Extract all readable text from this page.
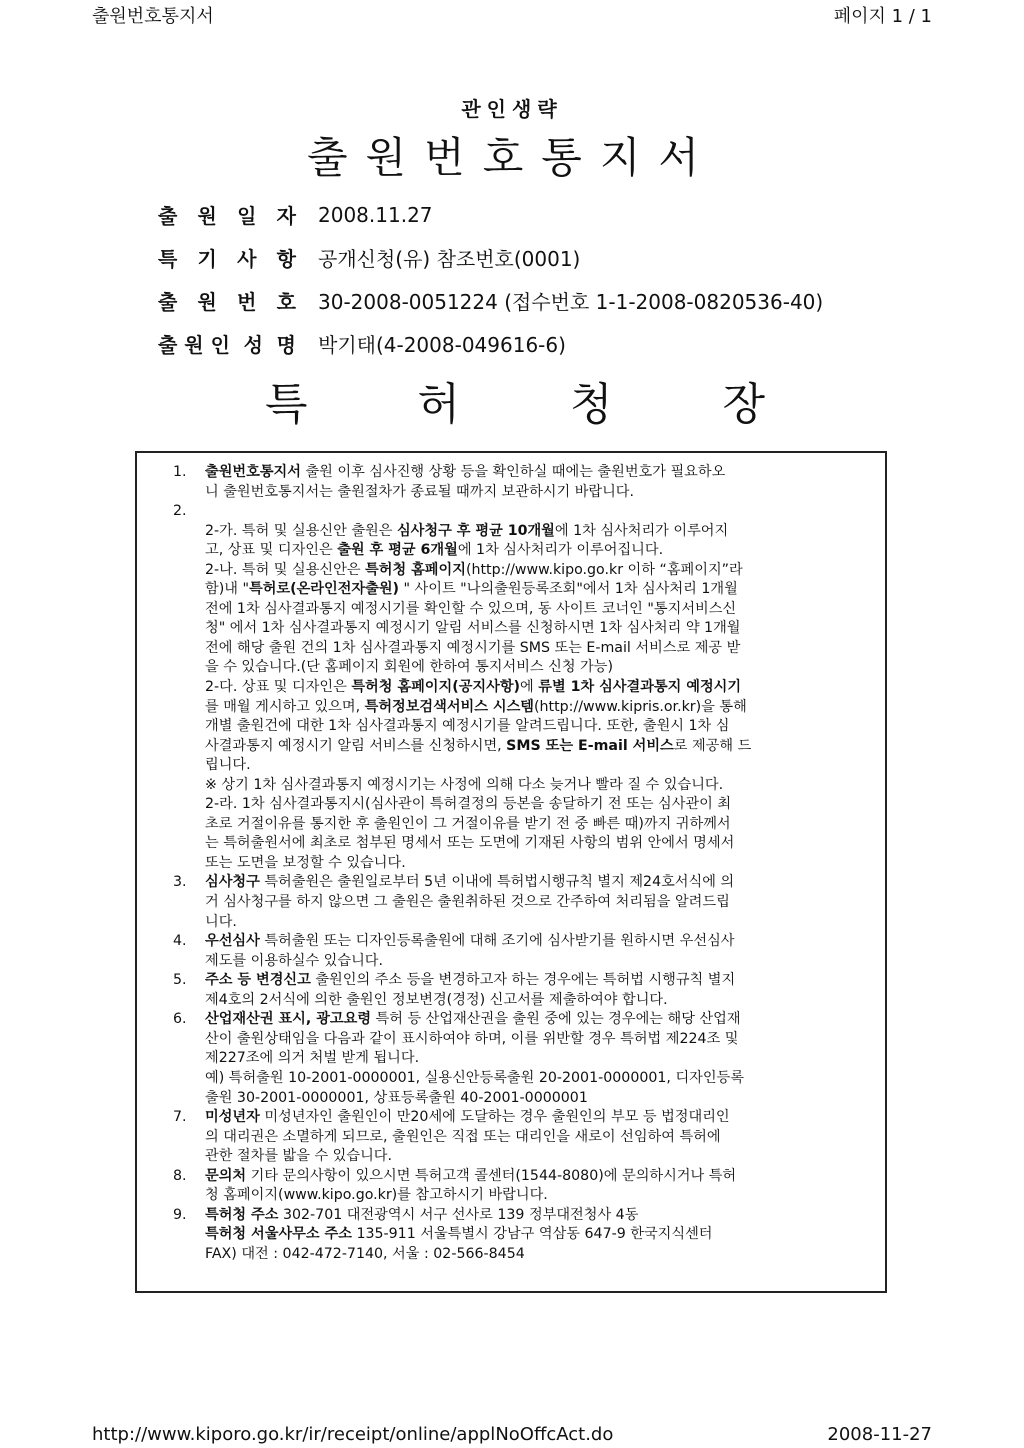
출원번호통지서	페이지 1 / 1
관인생략
출원번호통지서
출 원 일 자 2008.11.27
특 기 사 항 공개신청(유) 참조번호(0001)
출 원 번 호 30-2008-0051224 (접수번호 1-1-2008-0820536-40)
출 원 인 성 명 박기태(4-2008-049616-6)
특 허 청 장
1.	출원번호통지서 출원 이후 심사진행 상황 등을 확인하실 때에는 출원번호가 필요하오
니 출원번호통지서는 출원절차가 종료될 때까지 보관하시기 바랍니다.
2.

2-가. 특허 및 실용신안 출원은 심사청구 후 평균 10개월에 1차 심사처리가 이루어지
고, 상표 및 디자인은 출원 후 평균 6개월에 1차 심사처리가 이루어집니다.
2-나. 특허 및 실용신안은 특허청 홈페이지(http://www.kipo.go.kr 이하 “홈페이지”라
함)내 "특허로(온라인전자출원) " 사이트 "나의출원등록조회"에서 1차 심사처리 1개월
전에 1차 심사결과통지 예정시기를 확인할 수 있으며, 동 사이트 코너인 "통지서비스신
청" 에서 1차 심사결과통지 예정시기 알림 서비스를 신청하시면 1차 심사처리 약 1개월
전에 해당 출원 건의 1차 심사결과통지 예정시기를 SMS 또는 E-mail 서비스로 제공 받
을 수 있습니다.(단 홈페이지 회원에 한하여 통지서비스 신청 가능)
2-다. 상표 및 디자인은 특허청 홈페이지(공지사항)에 류별 1차 심사결과통지 예정시기
를 매월 게시하고 있으며, 특허정보검색서비스 시스템(http://www.kipris.or.kr)을 통해
개별 출원건에 대한 1차 심사결과통지 예정시기를 알려드립니다. 또한, 출원시 1차 심
사결과통지 예정시기 알림 서비스를 신청하시면, SMS 또는 E-mail 서비스로 제공해 드
립니다.
※ 상기 1차 심사결과통지 예정시기는 사정에 의해 다소 늦거나 빨라 질 수 있습니다.
2-라. 1차 심사결과통지시(심사관이 특허결정의 등본을 송달하기 전 또는 심사관이 최
초로 거절이유를 통지한 후 출원인이 그 거절이유를 받기 전 중 빠른 때)까지 귀하께서
는 특허출원서에 최초로 첨부된 명세서 또는 도면에 기재된 사항의 범위 안에서 명세서
또는 도면을 보정할 수 있습니다.
3.	심사청구 특허출원은 출원일로부터 5년 이내에 특허법시행규칙 별지 제24호서식에 의
거 심사청구를 하지 않으면 그 출원은 출원취하된 것으로 간주하여 처리됨을 알려드립
니다.
4.	우선심사 특허출원 또는 디자인등록출원에 대해 조기에 심사받기를 원하시면 우선심사
제도를 이용하실수 있습니다.
5.	주소 등 변경신고 출원인의 주소 등을 변경하고자 하는 경우에는 특허법 시행규칙 별지
제4호의 2서식에 의한 출원인 정보변경(경정) 신고서를 제출하여야 합니다.
6.	산업재산권 표시, 광고요령 특허 등 산업재산권을 출원 중에 있는 경우에는 해당 산업재
산이 출원상태임을 다음과 같이 표시하여야 하며, 이를 위반할 경우 특허법 제224조 및
제227조에 의거 처벌 받게 됩니다.
예) 특허출원 10-2001-0000001, 실용신안등록출원 20-2001-0000001, 디자인등록
출원 30-2001-0000001, 상표등록출원 40-2001-0000001
7.	미성년자 미성년자인 출원인이 만20세에 도달하는 경우 출원인의 부모 등 법정대리인
의 대리권은 소멸하게 되므로, 출원인은 직접 또는 대리인을 새로이 선임하여 특허에
관한 절차를 밟을 수 있습니다.
8.	문의처 기타 문의사항이 있으시면 특허고객 콜센터(1544-8080)에 문의하시거나 특허
청 홈페이지(www.kipo.go.kr)를 참고하시기 바랍니다.
9.	특허청 주소 302-701 대전광역시 서구 선사로 139 정부대전청사 4동
특허청 서울사무소 주소 135-911 서울특별시 강남구 역삼동 647-9 한국지식센터
FAX) 대전 : 042-472-7140, 서울 : 02-566-8454
http://www.kiporo.go.kr/ir/receipt/online/applNoOffcAct.do	2008-11-27
